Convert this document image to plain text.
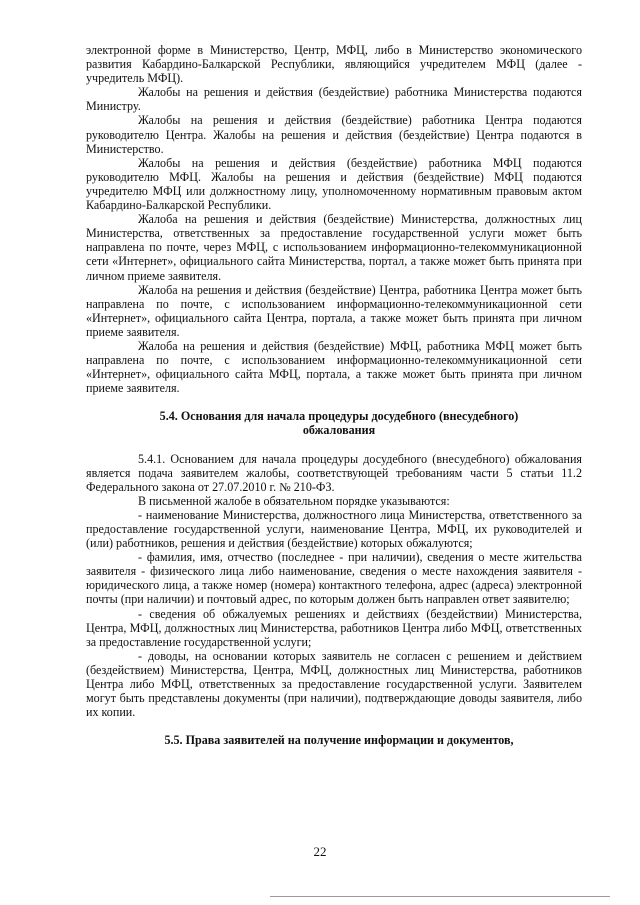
электронной форме в Министерство, Центр, МФЦ, либо в Министерство экономического развития Кабардино-Балкарской Республики, являющийся учредителем МФЦ (далее - учредитель МФЦ).

Жалобы на решения и действия (бездействие) работника Министерства подаются Министру.

Жалобы на решения и действия (бездействие) работника Центра подаются руководителю Центра. Жалобы на решения и действия (бездействие) Центра подаются в Министерство.

Жалобы на решения и действия (бездействие) работника МФЦ подаются руководителю МФЦ. Жалобы на решения и действия (бездействие) МФЦ подаются учредителю МФЦ или должностному лицу, уполномоченному нормативным правовым актом Кабардино-Балкарской Республики.

Жалоба на решения и действия (бездействие) Министерства, должностных лиц Министерства, ответственных за предоставление государственной услуги может быть направлена по почте, через МФЦ, с использованием информационно-телекоммуникационной сети «Интернет», официального сайта Министерства, портал, а также может быть принята при личном приеме заявителя.

Жалоба на решения и действия (бездействие) Центра, работника Центра может быть направлена по почте, с использованием информационно-телекоммуникационной сети «Интернет», официального сайта Центра, портала, а также может быть принята при личном приеме заявителя.

Жалоба на решения и действия (бездействие) МФЦ, работника МФЦ может быть направлена по почте, с использованием информационно-телекоммуникационной сети «Интернет», официального сайта МФЦ, портала, а также может быть принята при личном приеме заявителя.

5.4. Основания для начала процедуры досудебного (внесудебного) обжалования

5.4.1. Основанием для начала процедуры досудебного (внесудебного) обжалования является подача заявителем жалобы, соответствующей требованиям части 5 статьи 11.2 Федерального закона от 27.07.2010 г. № 210-ФЗ.

В письменной жалобе в обязательном порядке указываются:

- наименование Министерства, должностного лица Министерства, ответственного за предоставление государственной услуги, наименование Центра, МФЦ, их руководителей и (или) работников, решения и действия (бездействие) которых обжалуются;

- фамилия, имя, отчество (последнее - при наличии), сведения о месте жительства заявителя - физического лица либо наименование, сведения о месте нахождения заявителя - юридического лица, а также номер (номера) контактного телефона, адрес (адреса) электронной почты (при наличии) и почтовый адрес, по которым должен быть направлен ответ заявителю;

- сведения об обжалуемых решениях и действиях (бездействии) Министерства, Центра, МФЦ, должностных лиц Министерства, работников Центра либо МФЦ, ответственных за предоставление государственной услуги;

- доводы, на основании которых заявитель не согласен с решением и действием (бездействием) Министерства, Центра, МФЦ, должностных лиц Министерства, работников Центра либо МФЦ, ответственных за предоставление государственной услуги. Заявителем могут быть представлены документы (при наличии), подтверждающие доводы заявителя, либо их копии.

5.5. Права заявителей на получение информации и документов,

22
